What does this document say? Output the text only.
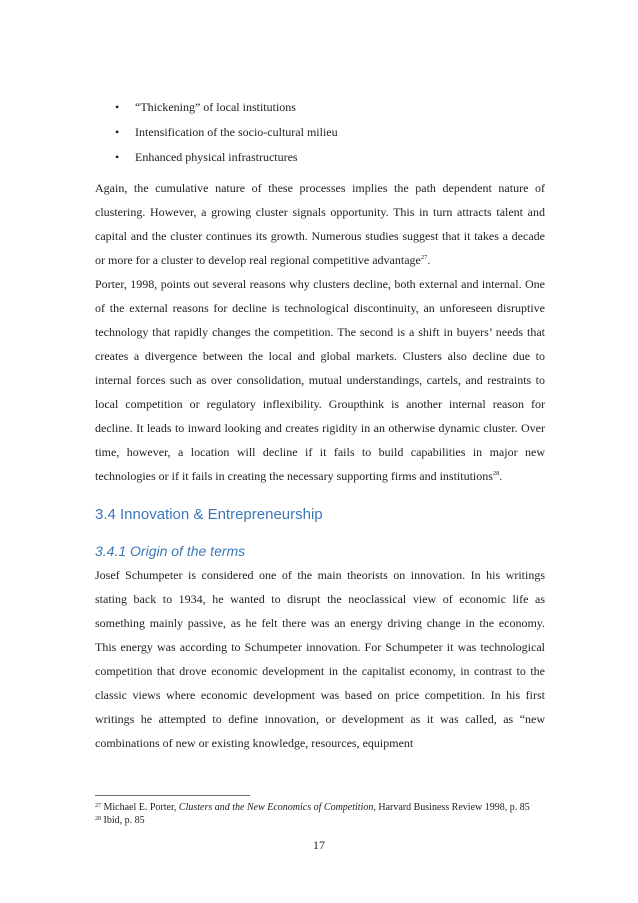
•	“Thickening” of local institutions
•	Intensification of the socio-cultural milieu
•	Enhanced physical infrastructures

Again, the cumulative nature of these processes implies the path dependent nature of clustering. However, a growing cluster signals opportunity. This in turn attracts talent and capital and the cluster continues its growth. Numerous studies suggest that it takes a decade or more for a cluster to develop real regional competitive advantage$^{27}$.

Porter, 1998, points out several reasons why clusters decline, both external and internal. One of the external reasons for decline is technological discontinuity, an unforeseen disruptive technology that rapidly changes the competition. The second is a shift in buyers’ needs that creates a divergence between the local and global markets. Clusters also decline due to internal forces such as over consolidation, mutual understandings, cartels, and restraints to local competition or regulatory inflexibility. Groupthink is another internal reason for decline. It leads to inward looking and creates rigidity in an otherwise dynamic cluster. Over time, however, a location will decline if it fails to build capabilities in major new technologies or if it fails in creating the necessary supporting firms and institutions$^{28}$.

3.4 Innovation & Entrepreneurship
3.4.1 Origin of the terms

Josef Schumpeter is considered one of the main theorists on innovation. In his writings stating back to 1934, he wanted to disrupt the neoclassical view of economic life as something mainly passive, as he felt there was an energy driving change in the economy. This energy was according to Schumpeter innovation. For Schumpeter it was technological competition that drove economic development in the capitalist economy, in contrast to the classic views where economic development was based on price competition. In his first writings he attempted to define innovation, or development as it was called, as “new combinations of new or existing knowledge, resources, equipment

$^{27}$ Michael E. Porter, Clusters and the New Economics of Competition, Harvard Business Review 1998, p. 85
$^{28}$ Ibid, p. 85
17
